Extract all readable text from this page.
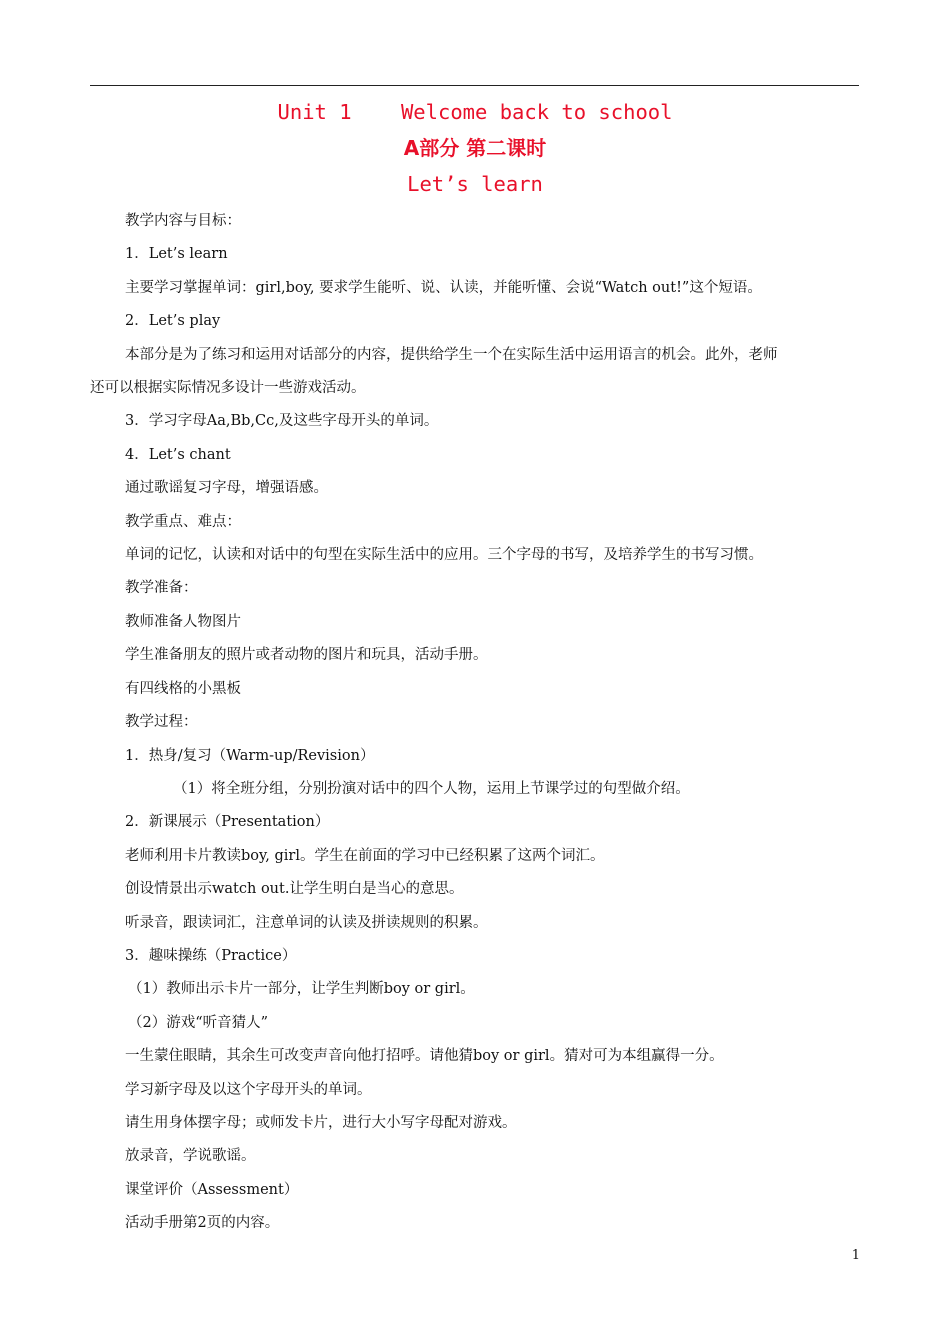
Unit 1 Welcome back to school
A部分 第二课时
Let’s learn

教学内容与目标：

1．Let’s learn

主要学习掌握单词：girl,boy, 要求学生能听、说、认读，并能听懂、会说“Watch out!”这个短语。

2．Let’s play

本部分是为了练习和运用对话部分的内容，提供给学生一个在实际生活中运用语言的机会。此外，老师

还可以根据实际情况多设计一些游戏活动。

3．学习字母Aa,Bb,Cc,及这些字母开头的单词。

4．Let’s chant

通过歌谣复习字母，增强语感。

教学重点、难点：

单词的记忆，认读和对话中的句型在实际生活中的应用。三个字母的书写，及培养学生的书写习惯。

教学准备：

教师准备人物图片

学生准备朋友的照片或者动物的图片和玩具，活动手册。

有四线格的小黑板

教学过程：

1．热身/复习（Warm-up/Revision）

（1）将全班分组，分别扮演对话中的四个人物，运用上节课学过的句型做介绍。

2．新课展示（Presentation）

老师利用卡片教读boy, girl。学生在前面的学习中已经积累了这两个词汇。

创设情景出示watch out.让学生明白是当心的意思。

听录音，跟读词汇，注意单词的认读及拼读规则的积累。

3．趣味操练（Practice）

（1）教师出示卡片一部分，让学生判断boy or girl。

（2）游戏“听音猜人”

一生蒙住眼睛，其余生可改变声音向他打招呼。请他猜boy or girl。猜对可为本组赢得一分。

学习新字母及以这个字母开头的单词。

请生用身体摆字母；或师发卡片，进行大小写字母配对游戏。

放录音，学说歌谣。

课堂评价（Assessment）

活动手册第2页的内容。

1
